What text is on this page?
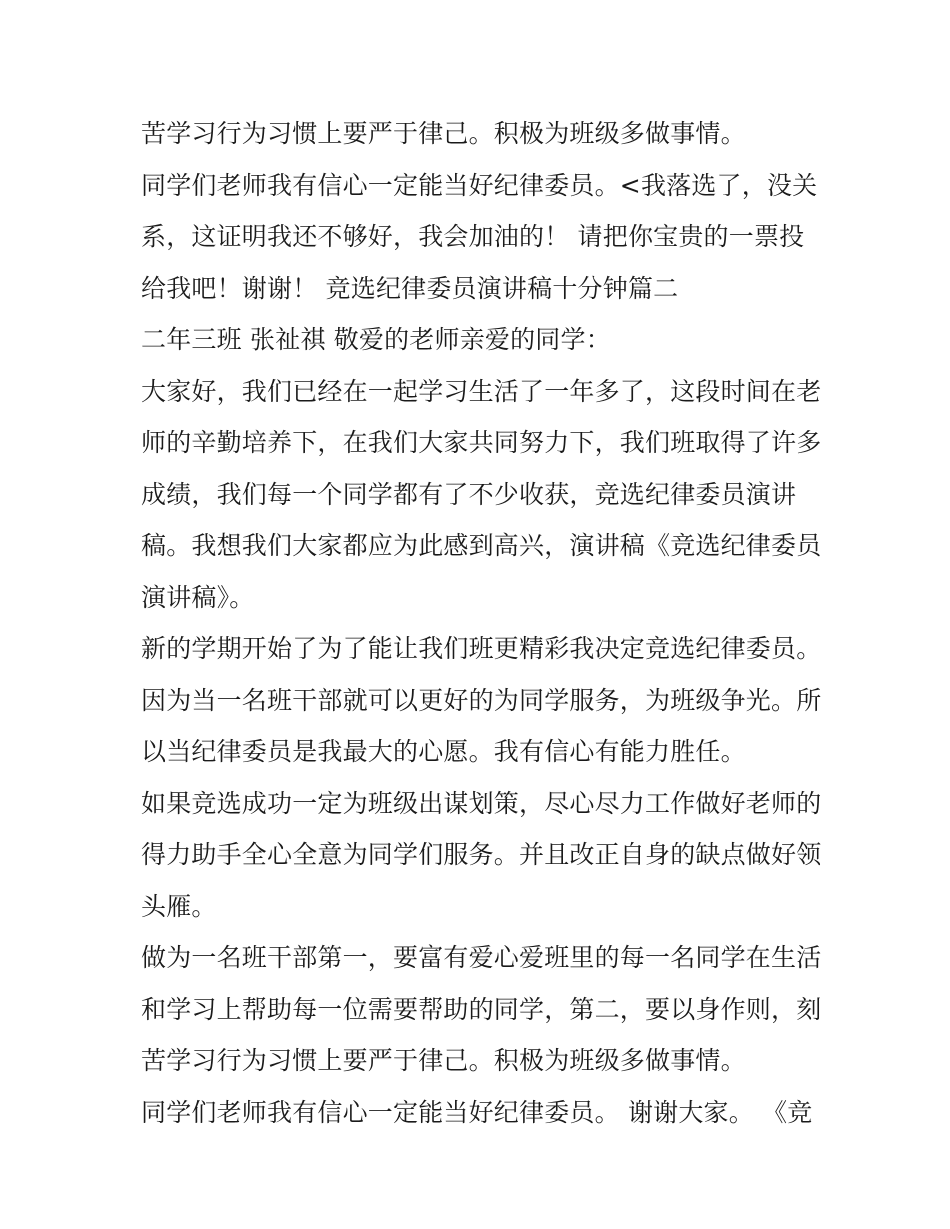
苦学习行为习惯上要严于律己。积极为班级多做事情。
同学们老师我有信心一定能当好纪律委员。<我落选了，没关
系，这证明我还不够好，我会加油的！ 请把你宝贵的一票投
给我吧！谢谢！ 竞选纪律委员演讲稿十分钟篇二
二年三班 张祉祺 敬爱的老师亲爱的同学：
大家好，我们已经在一起学习生活了一年多了，这段时间在老
师的辛勤培养下，在我们大家共同努力下，我们班取得了许多
成绩，我们每一个同学都有了不少收获，竞选纪律委员演讲
稿。我想我们大家都应为此感到高兴，演讲稿《竞选纪律委员
演讲稿》。
新的学期开始了为了能让我们班更精彩我决定竞选纪律委员。
因为当一名班干部就可以更好的为同学服务，为班级争光。所
以当纪律委员是我最大的心愿。我有信心有能力胜任。
如果竞选成功一定为班级出谋划策，尽心尽力工作做好老师的
得力助手全心全意为同学们服务。并且改正自身的缺点做好领
头雁。
做为一名班干部第一，要富有爱心爱班里的每一名同学在生活
和学习上帮助每一位需要帮助的同学，第二，要以身作则，刻
苦学习行为习惯上要严于律己。积极为班级多做事情。
同学们老师我有信心一定能当好纪律委员。 谢谢大家。 《竞
